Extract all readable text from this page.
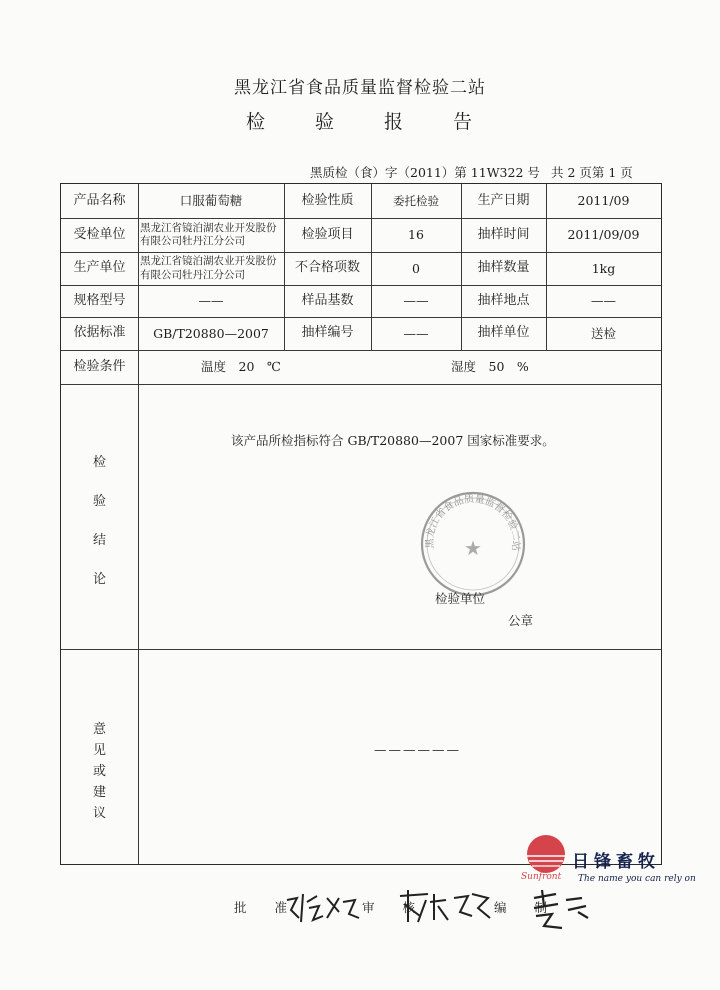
黑龙江省食品质量监督检验二站
检 验 报 告
黑质检（食）字（2011）第 11W322 号 共 2 页第 1 页
产品名称	口服葡萄糖	检验性质	委托检验	生产日期	2011/09
受检单位	黑龙江省镜泊湖农业开发股份有限公司牡丹江分公司	检验项目	16	抽样时间	2011/09/09
生产单位	黑龙江省镜泊湖农业开发股份有限公司牡丹江分公司	不合格项数	0	抽样数量	1kg
规格型号	——	样品基数	——	抽样地点	——
依据标准	GB/T20880—2007	抽样编号	——	抽样单位	送检
检验条件	温度　20　℃	湿度　50　%
检
验
结
论
该产品所检指标符合 GB/T20880—2007 国家标准要求。
黑龙江省食品质量监督检验二站
★
检验单位
公章
意
见
或
建
议
——————
批 准	审 核	编 制
日锋畜牧
Sunfront The name you can rely on
